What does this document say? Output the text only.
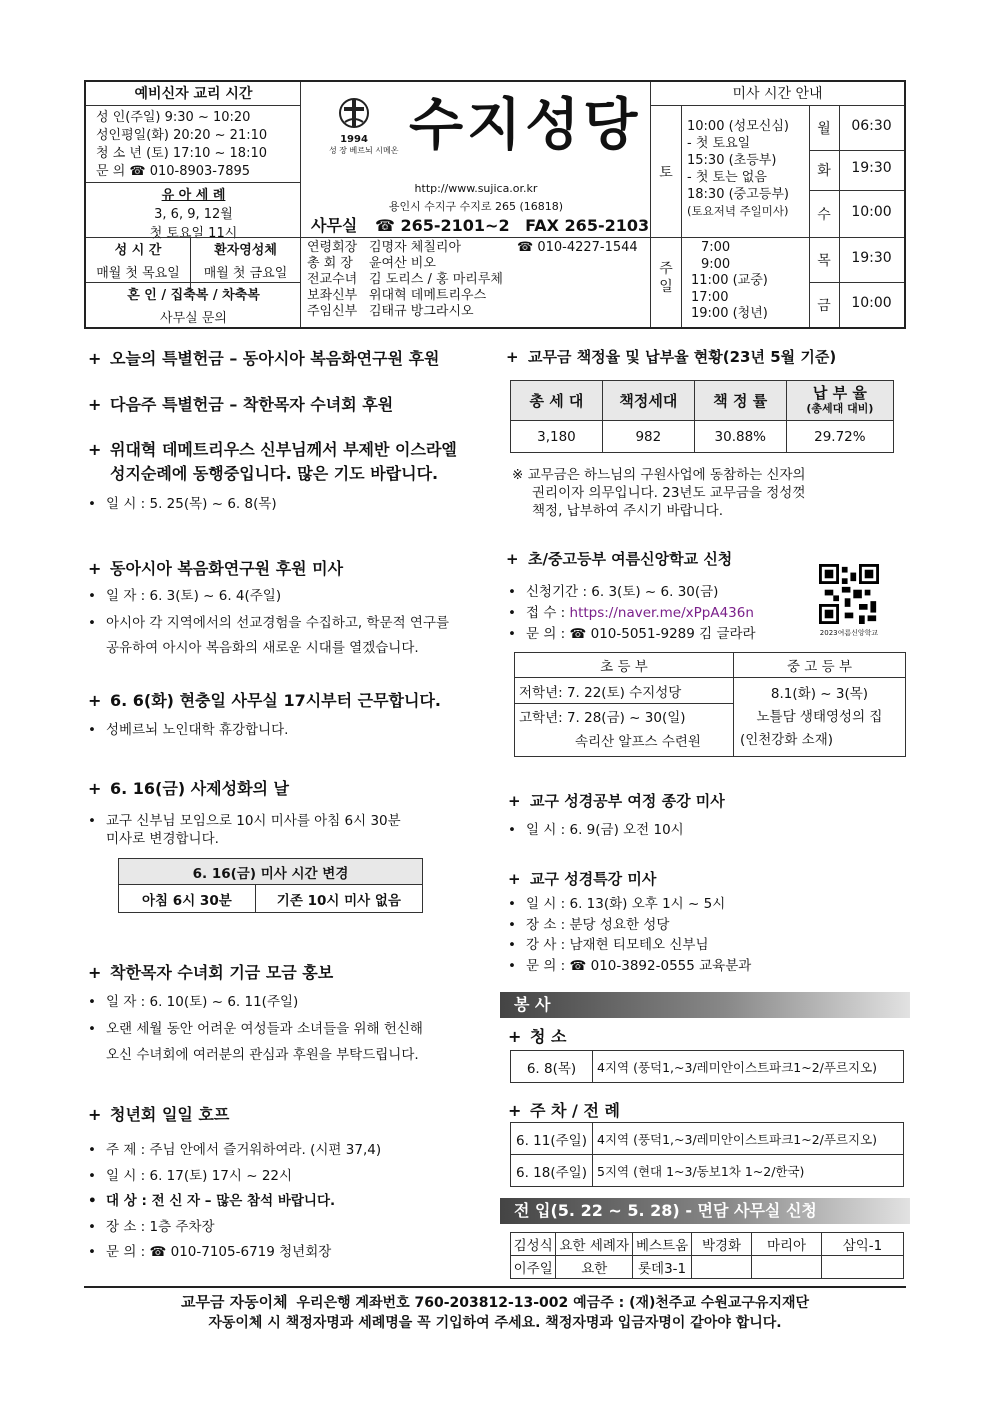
예비신자 교리 시간
성 인(주일) 9:30 ~ 10:20
성인평일(화) 20:20 ~ 21:10
청 소 년 (토) 17:10 ~ 18:10
문 의 ☎ 010-8903-7895
유 아 세 례
3, 6, 9, 12월
첫 토요일 11시
성 시 간
매월 첫 목요일
환자영성체
매월 첫 금요일
혼 인 / 집축복 / 차축복
사무실 문의
1994
성 장 베르뇌 시메온 수지성당
http://www.sujica.or.kr
용인시 수지구 수지로 265 (16818)
사무실 ☎ 265-2101~2 FAX 265-2103
연령회장 김명자 체칠리아	☎ 010-4227-1544
총 회 장 윤여산 비오
전교수녀 김 도리스 / 홍 마리루체
보좌신부 위대혁 데메트리우스
주임신부 김태규 방그라시오
미사 시간 안내
토
10:00 (성모신심)
- 첫 토요일
15:30 (초등부)
- 첫 토는 없음
18:30 (중고등부)
(토요저녁 주일미사)
주일
7:00
9:00
11:00 (교중)
17:00
19:00 (청년)
월	06:30
화	19:30
수	10:00
목	19:30
금	10:00
+ 오늘의 특별헌금 – 동아시아 복음화연구원 후원
+ 다음주 특별헌금 – 착한목자 수녀회 후원
+ 위대혁 데메트리우스 신부님께서 부제반 이스라엘
성지순례에 동행중입니다. 많은 기도 바랍니다.
• 일 시 : 5. 25(목) ~ 6. 8(목)
+ 동아시아 복음화연구원 후원 미사
• 일 자 : 6. 3(토) ~ 6. 4(주일)
• 아시아 각 지역에서의 선교경험을 수집하고, 학문적 연구를
공유하여 아시아 복음화의 새로운 시대를 열겠습니다.
+ 6. 6(화) 현충일 사무실 17시부터 근무합니다.
• 성베르뇌 노인대학 휴강합니다.
+ 6. 16(금) 사제성화의 날
• 교구 신부님 모임으로 10시 미사를 아침 6시 30분
미사로 변경합니다.
6. 16(금) 미사 시간 변경
아침 6시 30분	기존 10시 미사 없음
+ 착한목자 수녀회 기금 모금 홍보
• 일 자 : 6. 10(토) ~ 6. 11(주일)
• 오랜 세월 동안 어려운 여성들과 소녀들을 위해 헌신해
오신 수녀회에 여러분의 관심과 후원을 부탁드립니다.
+ 청년회 일일 호프
• 주 제 : 주님 안에서 즐거워하여라. (시편 37,4)
• 일 시 : 6. 17(토) 17시 ~ 22시
• 대 상 : 전 신 자 – 많은 참석 바랍니다.
• 장 소 : 1층 주차장
• 문 의 : ☎ 010-7105-6719 청년회장
+ 교무금 책정율 및 납부율 현황(23년 5월 기준)
총 세 대	책정세대	책 정 률	납 부 율
(총세대 대비)

3,180	982	30.88%	29.72%
※ 교무금은 하느님의 구원사업에 동참하는 신자의
권리이자 의무입니다. 23년도 교무금을 정성껏
책정, 납부하여 주시기 바랍니다.
+ 초/중고등부 여름신앙학교 신청
• 신청기간 : 6. 3(토) ~ 6. 30(금)
• 접 수 : https://naver.me/xPpA436n
• 문 의 : ☎ 010-5051-9289 김 글라라	2023여름신앙학교
초 등 부	중 고 등 부
저학년: 7. 22(토) 수지성당	8.1(화) ~ 3(목)
노틀담 생태영성의 집
(인천강화 소재)

고학년: 7. 28(금) ~ 30(일)
속리산 알프스 수련원	
+ 교구 성경공부 여정 종강 미사
• 일 시 : 6. 9(금) 오전 10시
+ 교구 성경특강 미사
• 일 시 : 6. 13(화) 오후 1시 ~ 5시
• 장 소 : 분당 성요한 성당
• 강 사 : 남재현 티모테오 신부님
• 문 의 : ☎ 010-3892-0555 교육분과
봉 사
+ 청 소
6. 8(목)	4지역 (풍덕1,~3/레미안이스트파크1~2/푸르지오)
+ 주 차 / 전 례
6. 11(주일)	4지역 (풍덕1,~3/레미안이스트파크1~2/푸르지오)
6. 18(주일)	5지역 (현대 1~3/동보1차 1~2/한국)
전 입(5. 22 ~ 5. 28) - 면담 사무실 신청
김성식	요한 세례자	베스트움	박경화	마리아	삼익-1
이주일	요한	롯데3-1			
교무금 자동이체 우리은행 계좌번호 760-203812-13-002 예금주 : (재)천주교 수원교구유지재단
자동이체 시 책정자명과 세례명을 꼭 기입하여 주세요. 책정자명과 입금자명이 같아야 합니다.
